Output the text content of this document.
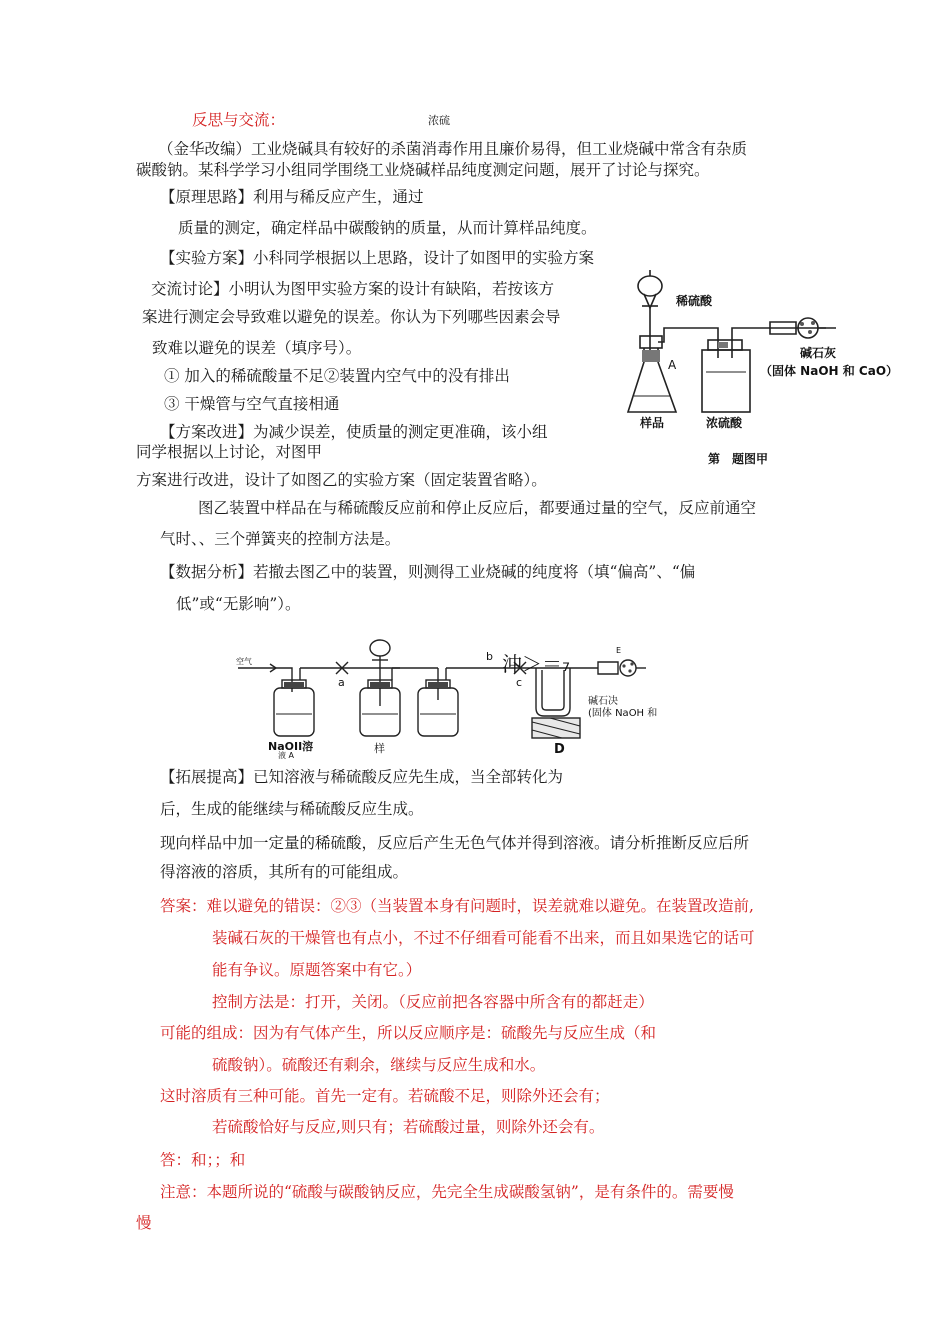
反思与交流：	浓硫
（金华改编）工业烧碱具有较好的杀菌消毒作用且廉价易得，但工业烧碱中常含有杂质
碳酸钠。某科学学习小组同学围绕工业烧碱样品纯度测定问题，展开了讨论与探究。
【原理思路】利用与稀反应产生，通过
质量的测定，确定样品中碳酸钠的质量，从而计算样品纯度。
【实验方案】小科同学根据以上思路，设计了如图甲的实验方案
交流讨论】小明认为图甲实验方案的设计有缺陷，若按该方
案进行测定会导致难以避免的误差。你认为下列哪些因素会导
致难以避免的误差（填序号）。
① 加入的稀硫酸量不足②装置内空气中的没有排出
③ 干燥管与空气直接相通
【方案改进】为减少误差，使质量的测定更准确，该小组
同学根据以上讨论，对图甲
方案进行改进，设计了如图乙的实验方案（固定装置省略）。
图乙装置中样品在与稀硫酸反应前和停止反应后，都要通过量的空气，反应前通空
气时、、三个弹簧夹的控制方法是。
【数据分析】若撤去图乙中的装置，则测得工业烧碱的纯度将（填“偏高”、“偏
低”或“无影响”）。
稀硫酸
A
碱石灰
（固体 NaOH 和 CaO）
样品	浓硫酸
第　题图甲
空气
a
b 沖＞＝₇
c
E
碱石决
(固体 NaOH 和
NaOII溶
液 A
样	D
【拓展提高】已知溶液与稀硫酸反应先生成，当全部转化为
后，生成的能继续与稀硫酸反应生成。
现向样品中加一定量的稀硫酸，反应后产生无色气体并得到溶液。请分析推断反应后所
得溶液的溶质，其所有的可能组成。
答案：难以避免的错误：②③（当装置本身有问题时，误差就难以避免。在装置改造前,
装碱石灰的干燥管也有点小，不过不仔细看可能看不出来，而且如果选它的话可
能有争议。原题答案中有它。）
控制方法是：打开，关闭。（反应前把各容器中所含有的都赶走）
可能的组成：因为有气体产生，所以反应顺序是：硫酸先与反应生成（和
硫酸钠）。硫酸还有剩余，继续与反应生成和水。
这时溶质有三种可能。首先一定有。若硫酸不足，则除外还会有；
若硫酸恰好与反应,则只有；若硫酸过量，则除外还会有。
答：和；；和
注意：本题所说的“硫酸与碳酸钠反应，先完全生成碳酸氢钠”，是有条件的。需要慢
慢
